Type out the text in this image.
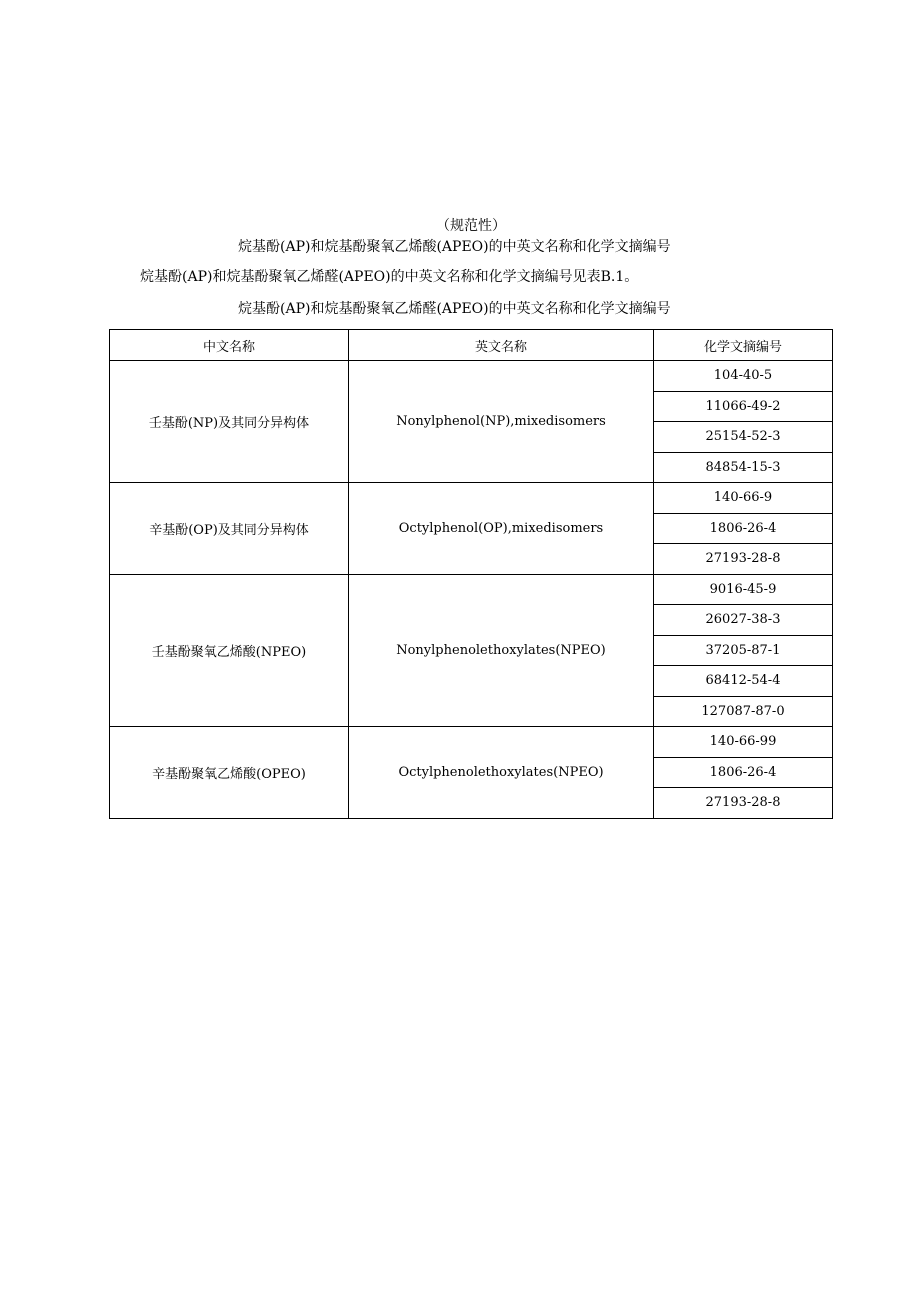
（规范性）
烷基酚(AP)和烷基酚聚氧乙烯酸(APEO)的中英文名称和化学文摘编号
烷基酚(AP)和烷基酚聚氧乙烯醛(APEO)的中英文名称和化学文摘编号见表B.1。
烷基酚(AP)和烷基酚聚氧乙烯醛(APEO)的中英文名称和化学文摘编号
中文名称	英文名称	化学文摘编号
壬基酚(NP)及其同分异构体	Nonylphenol(NP),mixedisomers	104-40-5
		11066-49-2
		25154-52-3
		84854-15-3
辛基酚(OP)及其同分异构体	Octylphenol(OP),mixedisomers	140-66-9
		1806-26-4
		27193-28-8
壬基酚聚氧乙烯酸(NPEO)	Nonylphenolethoxylates(NPEO)	9016-45-9
		26027-38-3
		37205-87-1
		68412-54-4
		127087-87-0
辛基酚聚氧乙烯酸(OPEO)	Octylphenolethoxylates(NPEO)	140-66-99
		1806-26-4
		27193-28-8
